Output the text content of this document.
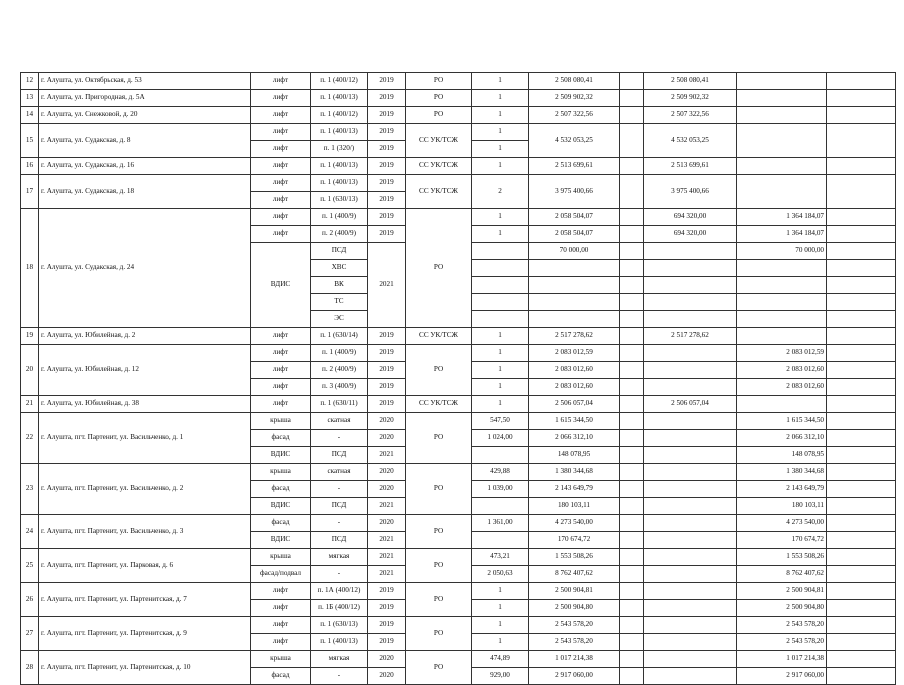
12	г. Алушта, ул. Октябрьская, д. 53	лифт	п. 1 (400/12)	2019	РО	1	2 508 080,41		2 508 080,41		
13	г. Алушта, ул. Пригородная, д. 5А	лифт	п. 1 (400/13)	2019	РО	1	2 509 902,32		2 509 902,32		
14	г. Алушта, ул. Снежковой, д. 20	лифт	п. 1 (400/12)	2019	РО	1	2 507 322,56		2 507 322,56		
15	г. Алушта, ул. Судакская, д. 8	лифт	п. 1 (400/13)	2019	СС УК/ТСЖ	1	4 532 053,25		4 532 053,25		
		лифт	п. 1 (320/)	2019		1					
16	г. Алушта, ул. Судакская, д. 16	лифт	п. 1 (400/13)	2019	СС УК/ТСЖ	1	2 513 699,61		2 513 699,61		
17	г. Алушта, ул. Судакская, д. 18	лифт	п. 1 (400/13)	2019	СС УК/ТСЖ	2	3 975 400,66		3 975 400,66		
		лифт	п. 1 (630/13)	2019							
18	г. Алушта, ул. Судакская, д. 24	лифт	п. 1 (400/9)	2019	РО	1	2 058 504,07		694 320,00	1 364 184,07	
		лифт	п. 2 (400/9)	2019		1	2 058 504,07		694 320,00	1 364 184,07	
		ВДИС	ПСД	2021			70 000,00			70 000,00	
			ХВС								
			ВК								
			ТС								
			ЭС								
19	г. Алушта, ул. Юбилейная, д. 2	лифт	п. 1 (630/14)	2019	СС УК/ТСЖ	1	2 517 278,62		2 517 278,62		
20	г. Алушта, ул. Юбилейная, д. 12	лифт	п. 1 (400/9)	2019	РО	1	2 083 012,59			2 083 012,59	
		лифт	п. 2 (400/9)	2019		1	2 083 012,60			2 083 012,60	
		лифт	п. 3 (400/9)	2019		1	2 083 012,60			2 083 012,60	
21	г. Алушта, ул. Юбилейная, д. 38	лифт	п. 1 (630/11)	2019	СС УК/ТСЖ	1	2 506 057,04		2 506 057,04		
22	г. Алушта, пгт. Партенит, ул. Васильченко, д. 1	крыша	скатная	2020	РО	547,50	1 615 344,50			1 615 344,50	
		фасад	-	2020		1 024,00	2 066 312,10			2 066 312,10	
		ВДИС	ПСД	2021			148 078,95			148 078,95	
23	г. Алушта, пгт. Партенит, ул. Васильченко, д. 2	крыша	скатная	2020	РО	429,88	1 380 344,68			1 380 344,68	
		фасад	-	2020		1 039,00	2 143 649,79			2 143 649,79	
		ВДИС	ПСД	2021			180 103,11			180 103,11	
24	г. Алушта, пгт. Партенит, ул. Васильченко, д. 3	фасад	-	2020	РО	1 361,00	4 273 540,00			4 273 540,00	
		ВДИС	ПСД	2021			170 674,72			170 674,72	
25	г. Алушта, пгт. Партенит, ул. Парковая, д. 6	крыша	мягкая	2021	РО	473,21	1 553 508,26			1 553 508,26	
		фасад/подвал	-	2021		2 050,63	8 762 407,62			8 762 407,62	
26	г. Алушта, пгт. Партенит, ул. Партенитская, д. 7	лифт	п. 1А (400/12)	2019	РО	1	2 500 904,81			2 500 904,81	
		лифт	п. 1Б (400/12)	2019		1	2 500 904,80			2 500 904,80	
27	г. Алушта, пгт. Партенит, ул. Партенитская, д. 9	лифт	п. 1 (630/13)	2019	РО	1	2 543 578,20			2 543 578,20	
		лифт	п. 1 (400/13)	2019		1	2 543 578,20			2 543 578,20	
28	г. Алушта, пгт. Партенит, ул. Партенитская, д. 10	крыша	мягкая	2020	РО	474,89	1 017 214,38			1 017 214,38	
		фасад	-	2020		929,00	2 917 060,00			2 917 060,00	
